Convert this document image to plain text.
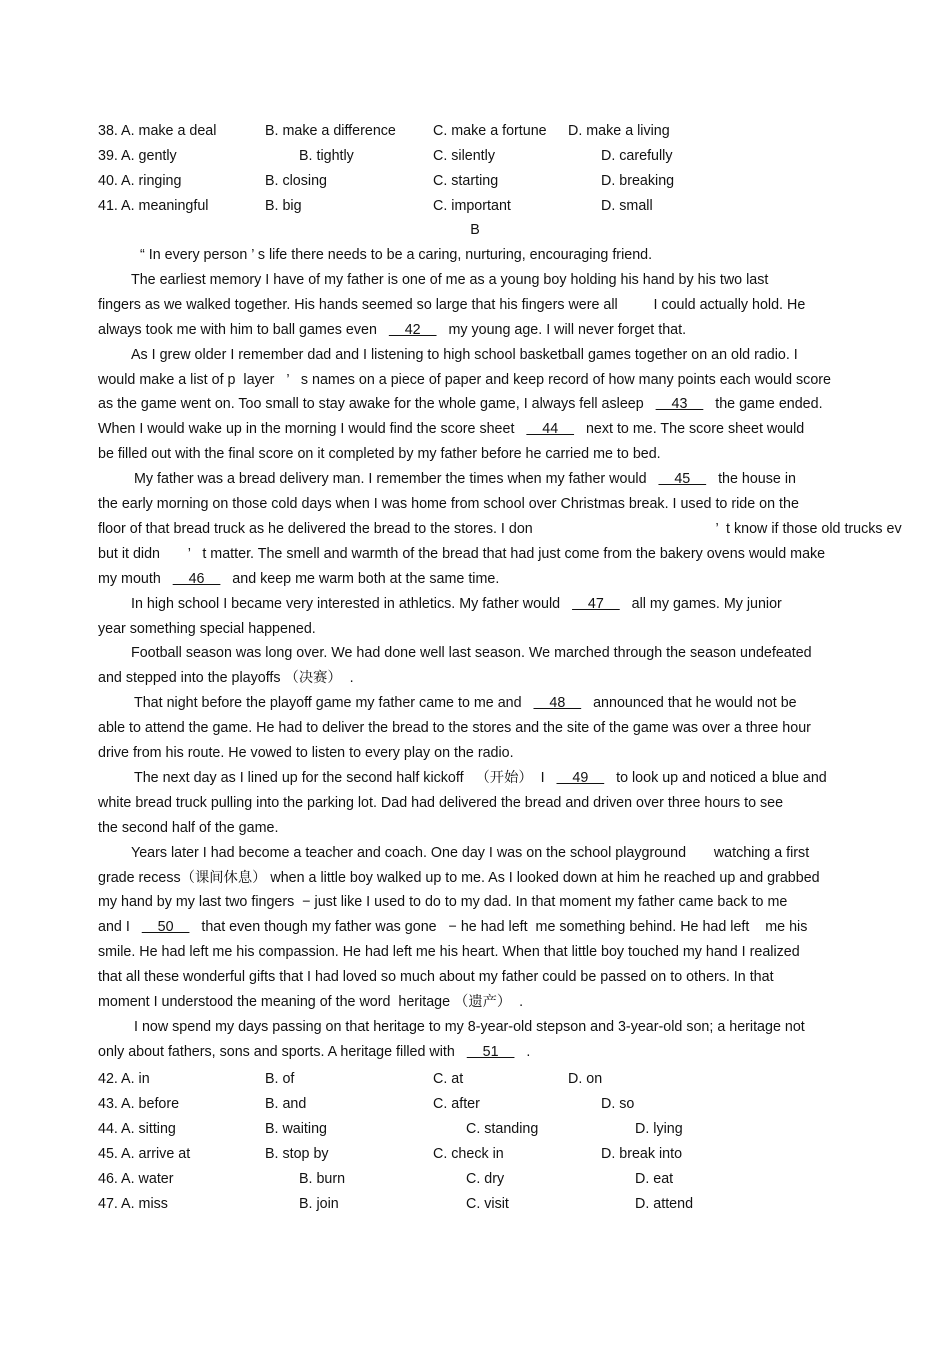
38. A. make a deal	B. make a difference	C. make a fortune D. make a living
39. A. gently	B. tightly	C. silently	D. carefully
40. A. ringing	B. closing	C. starting	D. breaking
41. A. meaningful	B. big	C. important	D. small
B
“ In every person ’ s life there needs to be a caring, nurturing, encouraging friend.
The earliest memory I have of my father is one of me as a young boy holding his hand by his two last
fingers as we walked together. His hands seemed so large that his fingers were all         I could actually hold. He
always took me with him to ball games even       42       my young age. I will never forget that.
As I grew older I remember dad and I listening to high school basketball games together on an old radio. I
would make a list of p  layer   ’   s names on a piece of paper and keep record of how many points each would score
as the game went on. Too small to stay awake for the whole game, I always fell asleep       43       the game ended.
When I would wake up in the morning I would find the score sheet       44       next to me. The score sheet would
be filled out with the final score on it completed by my father before he carried me to bed.
My father was a bread delivery man. I remember the times when my father would       45       the house in
the early morning on those cold days when I was home from school over Christmas break. I used to ride on the
floor of that bread truck as he delivered the bread to the stores. I don                                              ’  t know if those old trucks ev
but it didn       ’   t matter. The smell and warmth of the bread that had just come from the bakery ovens would make
my mouth       46       and keep me warm both at the same time.
In high school I became very interested in athletics. My father would       47       all my games. My junior
year something special happened.
Football season was long over. We had done well last season. We marched through the season undefeated
and stepped into the playoffs （决赛）  .
That night before the playoff game my father came to me and       48       announced that he would not be
able to attend the game. He had to deliver the bread to the stores and the site of the game was over a three hour
drive from his route. He vowed to listen to every play on the radio.
The next day as I lined up for the second half kickoff   （开始）  I       49       to look up and noticed a blue and
white bread truck pulling into the parking lot. Dad had delivered the bread and driven over three hours to see
the second half of the game.
Years later I had become a teacher and coach. One day I was on the school playground       watching a first
grade recess（课间休息） when a little boy walked up to me. As I looked down at him he reached up and grabbed
my hand by my last two fingers  − just like I used to do to my dad. In that moment my father came back to me
and I       50       that even though my father was gone   − he had left  me something behind. He had left    me his
smile. He had left me his compassion. He had left me his heart. When that little boy touched my hand I realized
that all these wonderful gifts that I had loved so much about my father could be passed on to others. In that
moment I understood the meaning of the word  heritage （遗产）  .
I now spend my days passing on that heritage to my 8-year-old stepson and 3-year-old son; a heritage not
only about fathers, sons and sports. A heritage filled with       51       .
42. A. in	B. of	C. at	D. on
43. A. before	B. and	C. after	D. so
44. A. sitting	B. waiting	C. standing	D. lying
45. A. arrive at	B. stop by	C. check in	D. break into
46. A. water	B. burn	C. dry	D. eat
47. A. miss	B. join	C. visit	D. attend
